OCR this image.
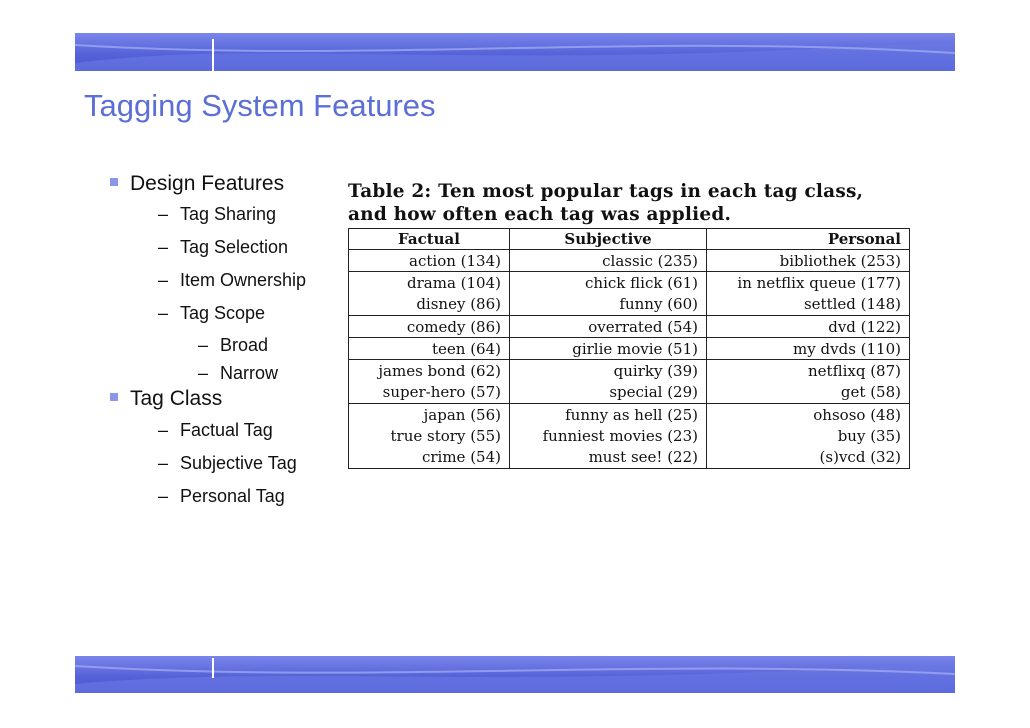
Tagging System Features
Design Features
– Tag Sharing
– Tag Selection
– Item Ownership
– Tag Scope
– Broad
– Narrow
Tag Class
– Factual Tag
– Subjective Tag
– Personal Tag
Table 2: Ten most popular tags in each tag class,
and how often each tag was applied.
Factual	Subjective	Personal
action (134)	classic (235)	bibliothek (253)
drama (104)	chick flick (61)	in netflix queue (177)
disney (86)	funny (60)	settled (148)
comedy (86)	overrated (54)	dvd (122)
teen (64)	girlie movie (51)	my dvds (110)
james bond (62)	quirky (39)	netflixq (87)
super-hero (57)	special (29)	get (58)
japan (56)	funny as hell (25)	ohsoso (48)
true story (55)	funniest movies (23)	buy (35)
crime (54)	must see! (22)	(s)vcd (32)
